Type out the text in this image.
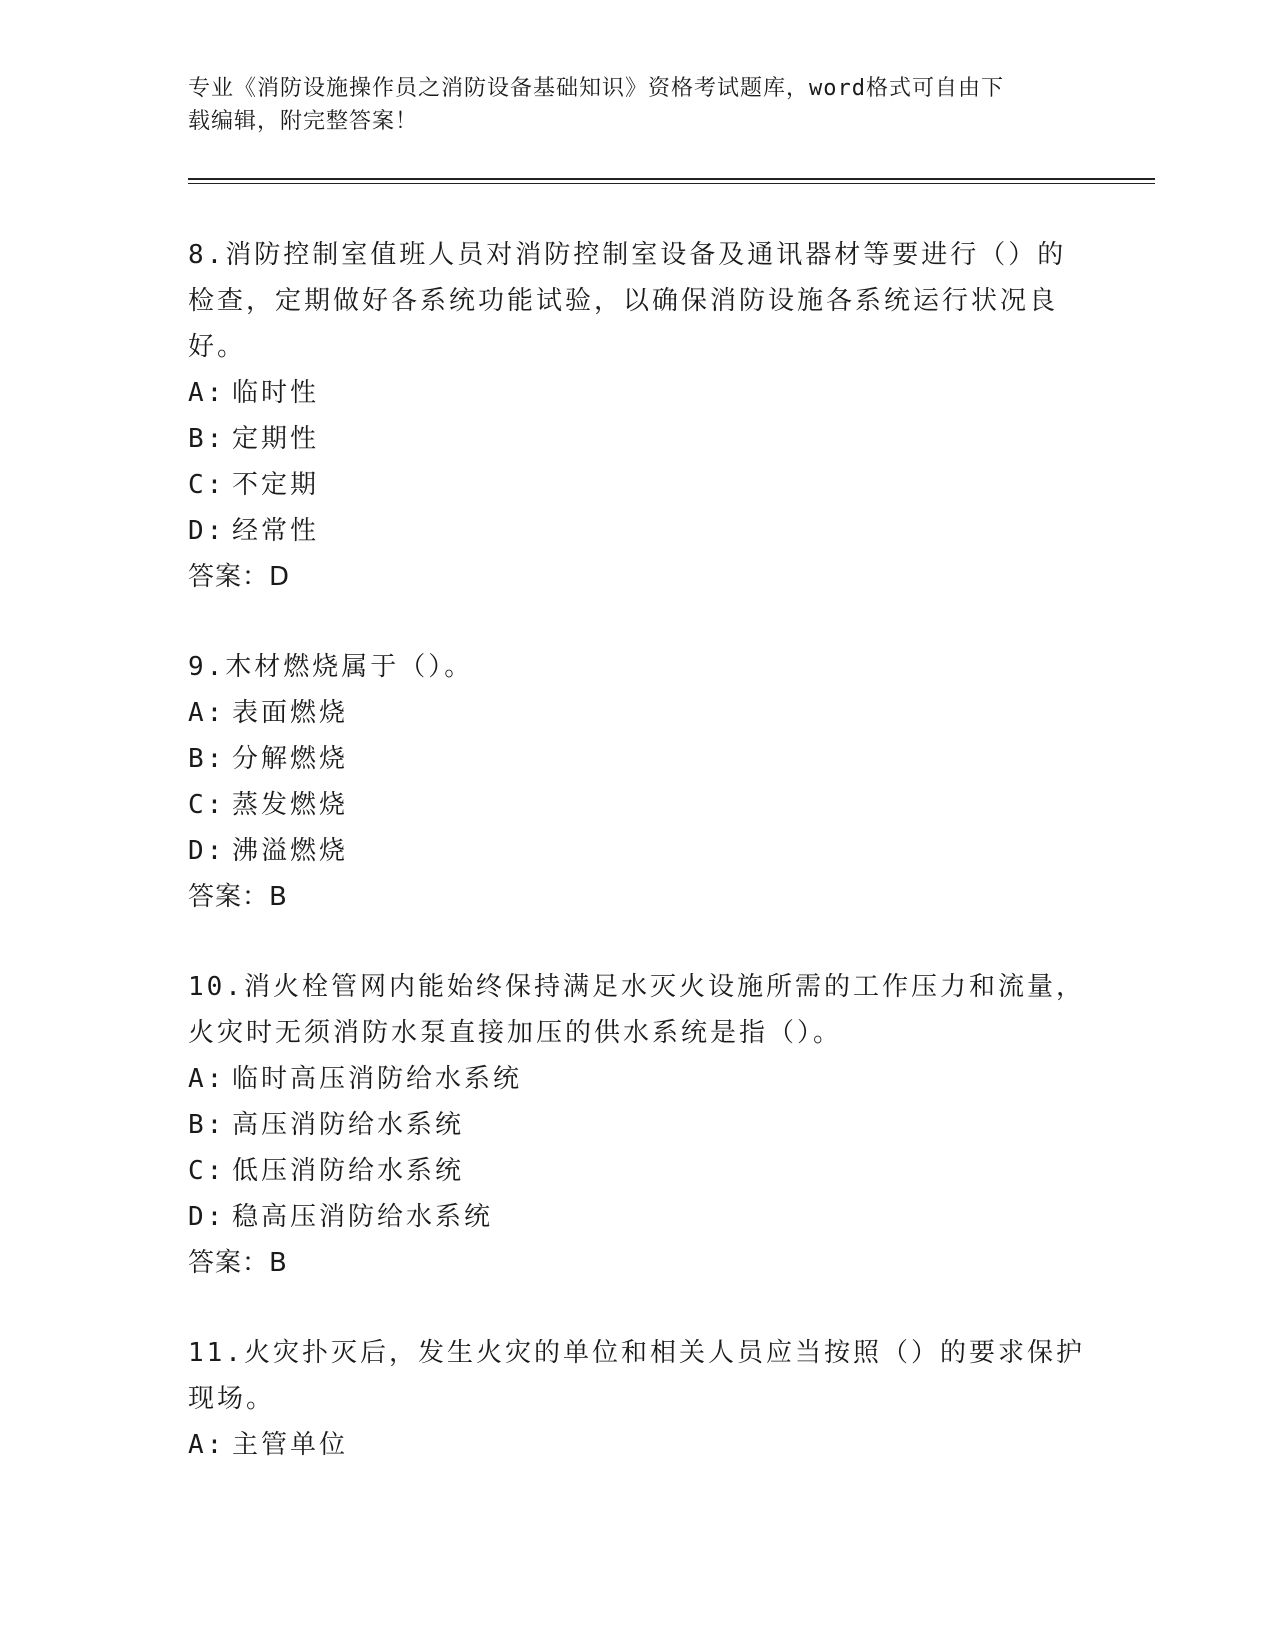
专业《消防设施操作员之消防设备基础知识》资格考试题库，word格式可自由下
载编辑，附完整答案！

8.消防控制室值班人员对消防控制室设备及通讯器材等要进行（）的

检查，定期做好各系统功能试验，以确保消防设施各系统运行状况良

好。

A: 临时性

B: 定期性

C: 不定期

D: 经常性

答案：D

9.木材燃烧属于（）。

A: 表面燃烧

B: 分解燃烧

C: 蒸发燃烧

D: 沸溢燃烧

答案：B

10.消火栓管网内能始终保持满足水灭火设施所需的工作压力和流量，

火灾时无须消防水泵直接加压的供水系统是指（）。

A: 临时高压消防给水系统

B: 高压消防给水系统

C: 低压消防给水系统

D: 稳高压消防给水系统

答案：B

11.火灾扑灭后，发生火灾的单位和相关人员应当按照（）的要求保护

现场。

A: 主管单位
